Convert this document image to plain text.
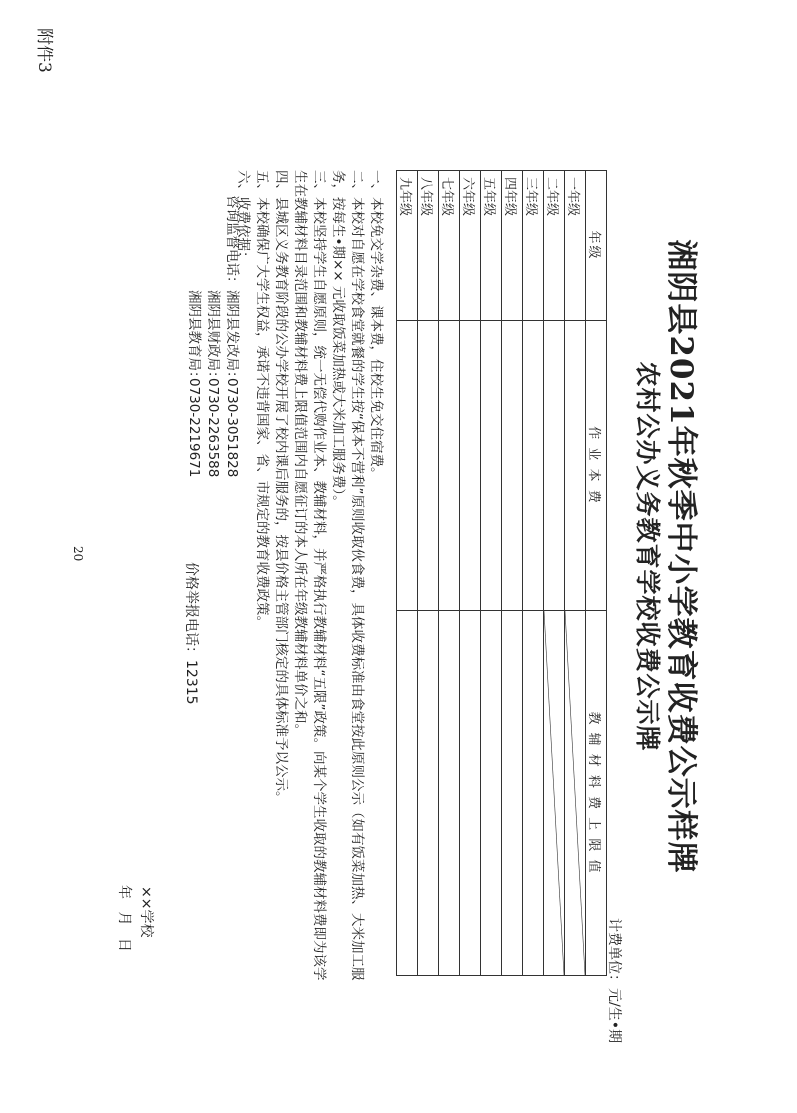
附件3
湘阴县2021年秋季中小学教育收费公示样牌
农村公办义务教育学校收费公示牌
计费单位：元/生•期
年级	作 业 本 费	教 辅 材 料 费 上 限 值
一年级		

二年级		

三年级		
四年级		
五年级		
六年级		
七年级		
八年级		
九年级		
一、本校免交学杂费、课本费，住校生免交住宿费。
二、本校对自愿在学校食堂就餐的学生按“保本不营利”原则收取伙食费，具体收费标准由食堂按此原则公示（如有饭菜加热、大米加工服务，按每生•期×× 元收取饭菜加热或大米加工服务费）。
三、本校坚持学生自愿原则，统一无偿代购作业本、教辅材料，并严格执行教辅材料“五限”政策。向某个学生收取的教辅材料费即为该学生在教辅材料目录范围和教辅材料费上限值范围内自愿征订的本人所在年级教辅材料单价之和。
四、县城区义务教育阶段的公办学校开展了校内课后服务的，按县价格主管部门核定的具体标准予以公示。
五、本校确保广大学生权益，承诺不违背国家、省、市规定的教育收费政策。
六、收费依据：
咨询监督电话：湘阴县发改局：0730-3051828
湘阴县财政局：0730-2263588
湘阴县教育局：0730-2219671
价格举报电话：12315
××学校
年 月 日
20
